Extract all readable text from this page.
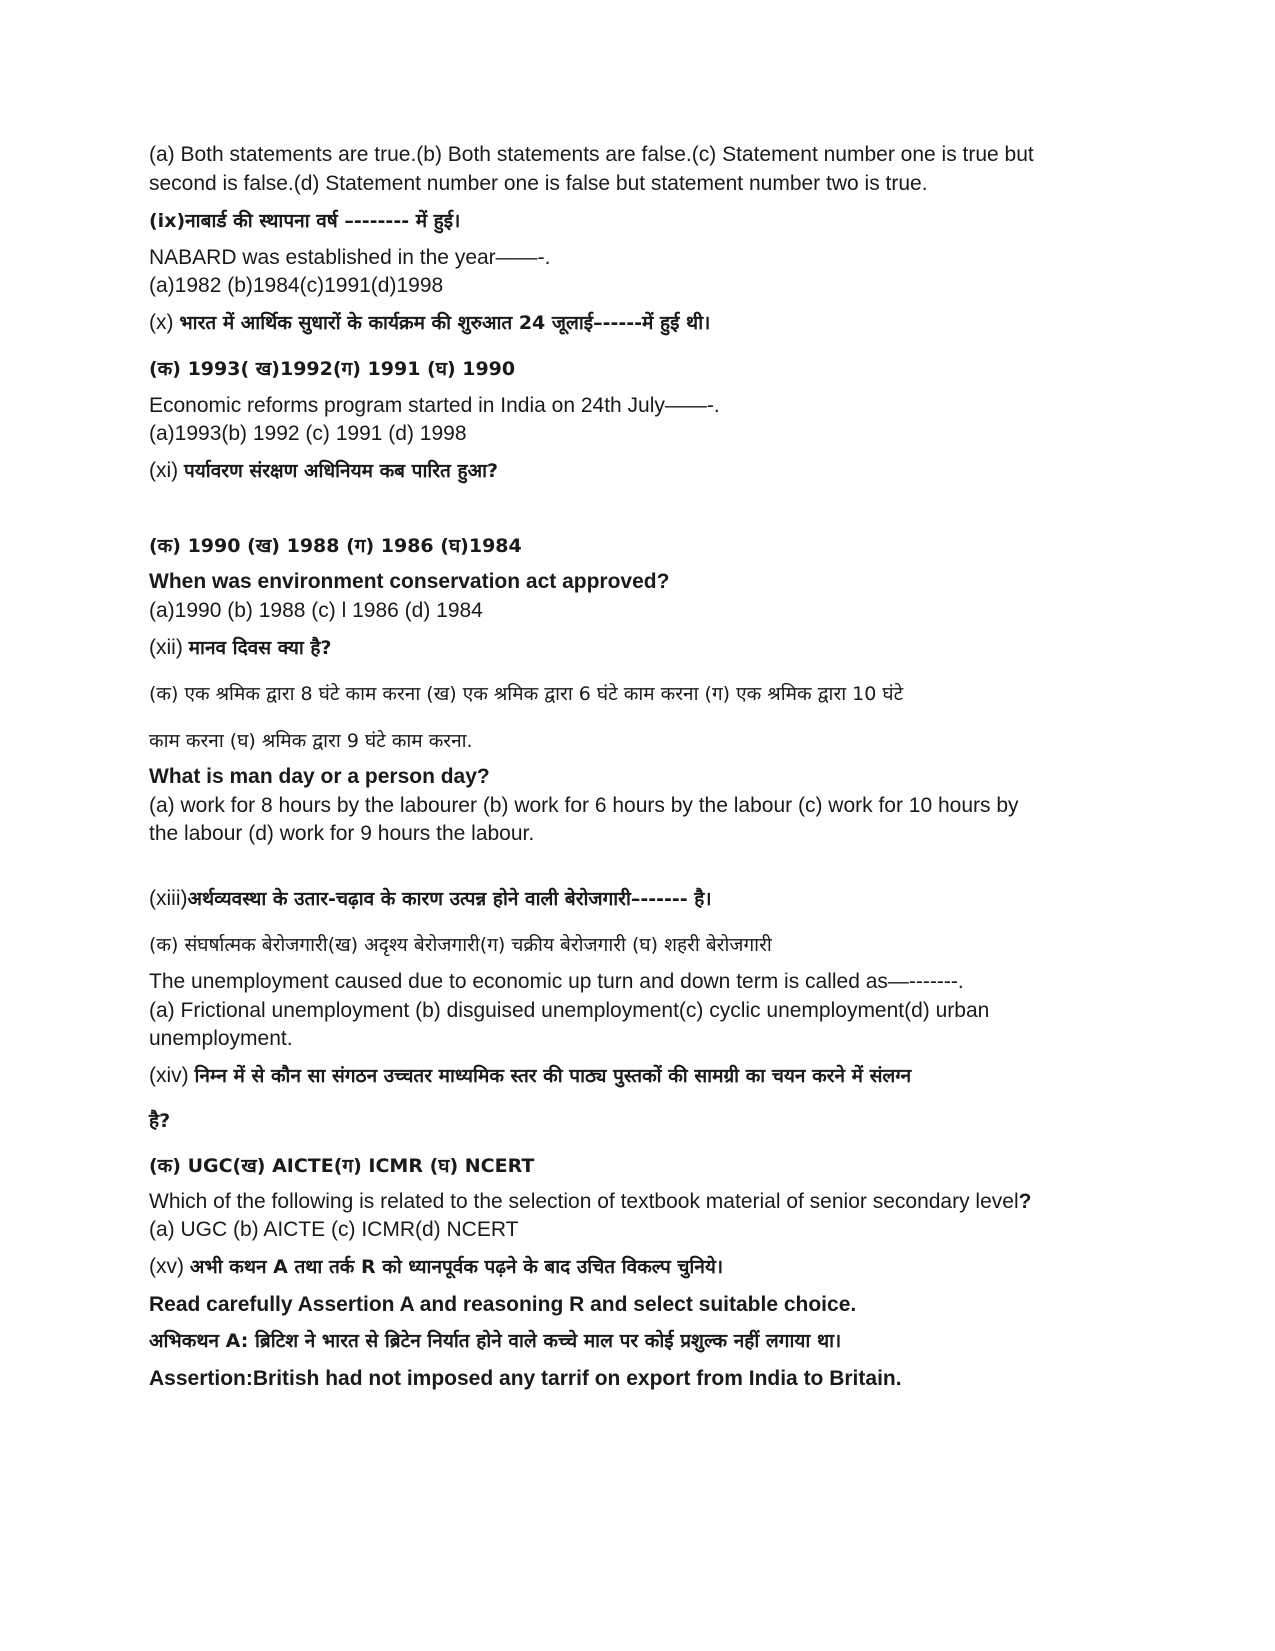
(a) Both statements are true.(b) Both statements are false.(c) Statement number one is true but
second is false.(d) Statement number one is false but statement number two is true.
(ix)नाबार्ड की स्थापना वर्ष –------- में हुई।
NABARD was established in the year——-.
(a)1982 (b)1984(c)1991(d)1998
(x) भारत में आर्थिक सुधारों के कार्यक्रम की शुरुआत 24 जूलाई–-----में हुई थी।
(क) 1993( ख)1992(ग) 1991 (घ) 1990
Economic reforms program started in India on 24th July——-.
(a)1993(b) 1992 (c) 1991 (d) 1998
(xi) पर्यावरण संरक्षण अधिनियम कब पारित हुआ?
(क) 1990 (ख) 1988 (ग) 1986 (घ)1984
When was environment conservation act approved?
(a)1990 (b) 1988 (c) l 1986 (d) 1984
(xii) मानव दिवस क्या है?
(क) एक श्रमिक द्वारा 8 घंटे काम करना (ख) एक श्रमिक द्वारा 6 घंटे काम करना (ग) एक श्रमिक द्वारा 10 घंटे
काम करना (घ) श्रमिक द्वारा 9 घंटे काम करना.
What is man day or a person day?
(a) work for 8 hours by the labourer (b) work for 6 hours by the labour (c) work for 10 hours by
the labour (d) work for 9 hours the labour.
(xiii)अर्थव्यवस्था के उतार-चढ़ाव के कारण उत्पन्न होने वाली बेरोजगारी–------ है।
(क) संघर्षात्मक बेरोजगारी(ख) अदृश्य बेरोजगारी(ग) चक्रीय बेरोजगारी (घ) शहरी बेरोजगारी
The unemployment caused due to economic up turn and down term is called as—-------.
(a) Frictional unemployment (b) disguised unemployment(c) cyclic unemployment(d) urban
unemployment.
(xiv) निम्न में से कौन सा संगठन उच्चतर माध्यमिक स्तर की पाठ्य पुस्तकों की सामग्री का चयन करने में संलग्न
है?
(क) UGC(ख) AICTE(ग) ICMR (घ) NCERT
Which of the following is related to the selection of textbook material of senior secondary level?
(a) UGC (b) AICTE (c) ICMR(d) NCERT
(xv) अभी कथन A तथा तर्क R को ध्यानपूर्वक पढ़ने के बाद उचित विकल्प चुनिये।
Read carefully Assertion A and reasoning R and select suitable choice.
अभिकथन A: ब्रिटिश ने भारत से ब्रिटेन निर्यात होने वाले कच्चे माल पर कोई प्रशुल्क नहीं लगाया था।
Assertion:British had not imposed any tarrif on export from India to Britain.
